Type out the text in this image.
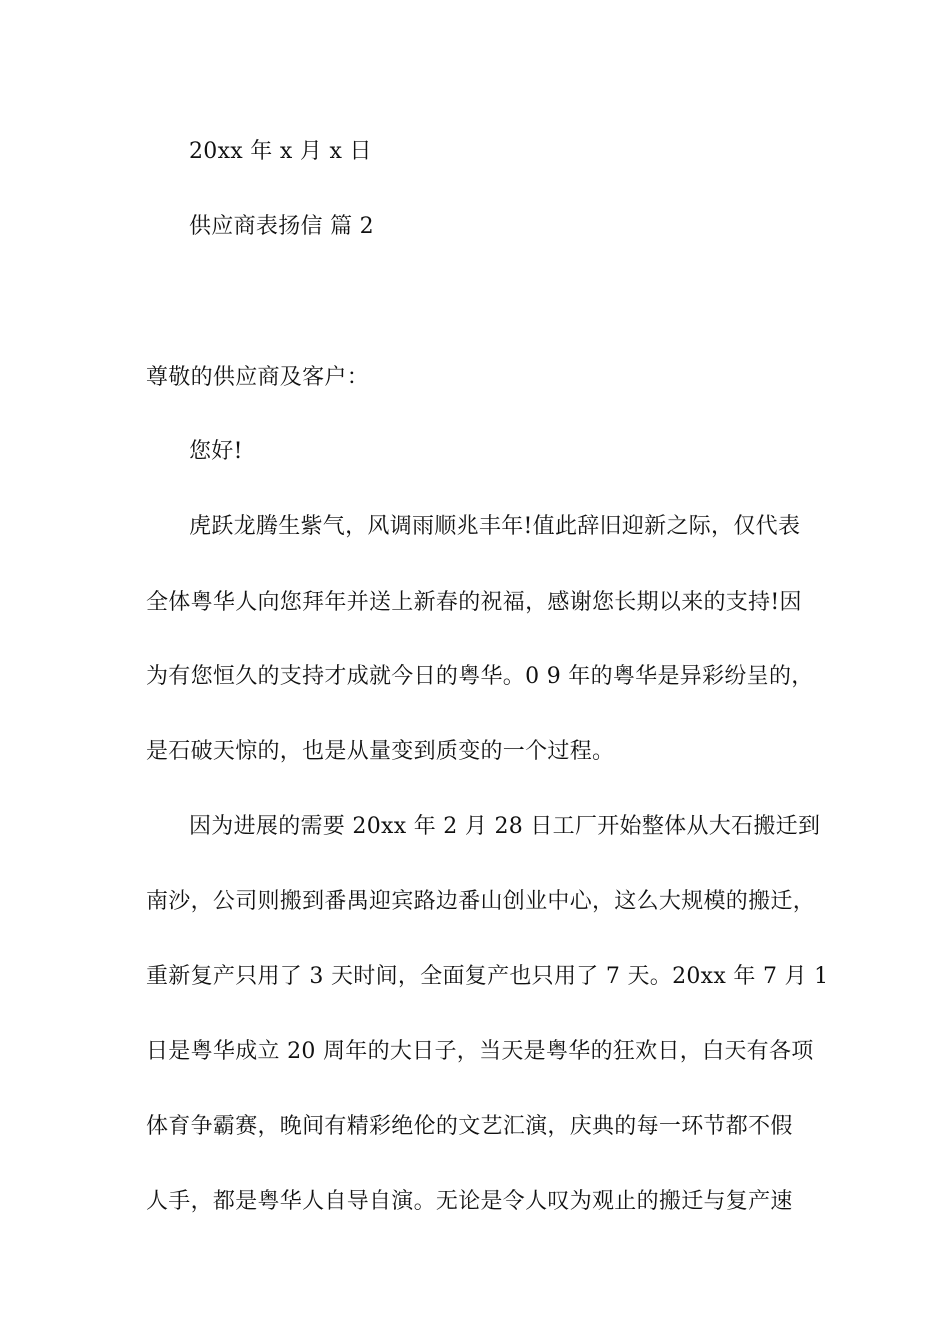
20xx 年 x 月 x 日
供应商表扬信 篇 2
尊敬的供应商及客户：
您好!
虎跃龙腾生紫气，风调雨顺兆丰年!值此辞旧迎新之际，仅代表
全体粤华人向您拜年并送上新春的祝福，感谢您长期以来的支持!因
为有您恒久的支持才成就今日的粤华。0 9 年的粤华是异彩纷呈的，
是石破天惊的，也是从量变到质变的一个过程。
因为进展的需要 20xx 年 2 月 28 日工厂开始整体从大石搬迁到
南沙，公司则搬到番禺迎宾路边番山创业中心，这么大规模的搬迁，
重新复产只用了 3 天时间，全面复产也只用了 7 天。20xx 年 7 月 1
日是粤华成立 20 周年的大日子，当天是粤华的狂欢日，白天有各项
体育争霸赛，晚间有精彩绝伦的文艺汇演，庆典的每一环节都不假
人手，都是粤华人自导自演。无论是令人叹为观止的搬迁与复产速
